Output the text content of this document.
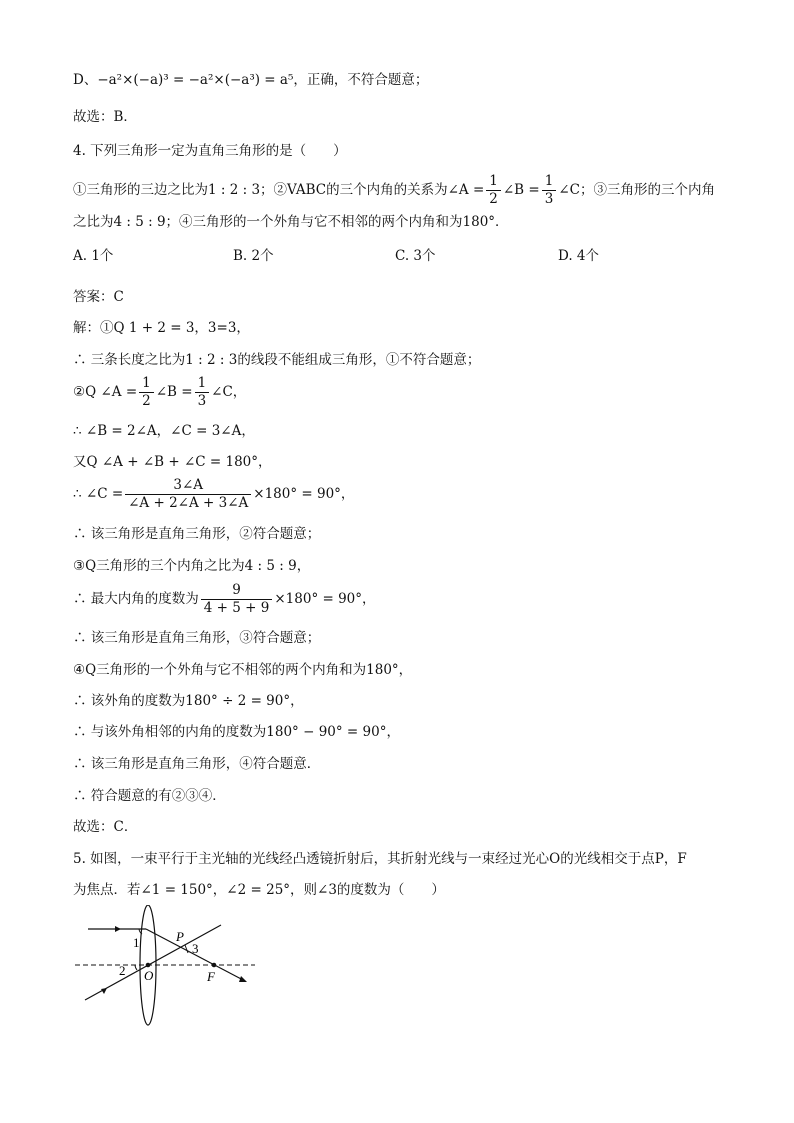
D、−a²×(−a)³ = −a²×(−a³) = a⁵，正确，不符合题意；
故选：B．
4. 下列三角形一定为直角三角形的是（　　）
①三角形的三边之比为1 : 2 : 3；②VABC的三个内角的关系为∠A = $\frac{1}{2}$ ∠B = $\frac{1}{3}$ ∠C；③三角形的三个内角
之比为4 : 5 : 9；④三角形的一个外角与它不相邻的两个内角和为180°．
A. 1个	B. 2个	C. 3个	D. 4个
答案：C
解：①Q 1 + 2 = 3，3=3，
∴ 三条长度之比为1 : 2 : 3的线段不能组成三角形，①不符合题意；
②Q ∠A = $\frac{1}{2}$ ∠B = $\frac{1}{3}$ ∠C，
∴ ∠B = 2∠A，∠C = 3∠A，
又Q ∠A + ∠B + ∠C = 180°，
∴ ∠C = $\frac{3\angle A}{\angle A + 2\angle A + 3\angle A} \times 180^\circ = 90^\circ$，
∴ 该三角形是直角三角形，②符合题意；
③Q三角形的三个内角之比为4 : 5 : 9，
∴ 最大内角的度数为 $\frac{9}{4 + 5 + 9} \times 180^\circ = 90^\circ$，
∴ 该三角形是直角三角形，③符合题意；
④Q三角形的一个外角与它不相邻的两个内角和为180°，
∴ 该外角的度数为180° ÷ 2 = 90°，
∴ 与该外角相邻的内角的度数为180° − 90° = 90°，
∴ 该三角形是直角三角形，④符合题意．
∴ 符合题意的有②③④．
故选：C．
5. 如图，一束平行于主光轴的光线经凸透镜折射后，其折射光线与一束经过光心O的光线相交于点P，F
为焦点．若∠1 = 150°，∠2 = 25°，则∠3的度数为（　　）
1
2
3
P
O	F
